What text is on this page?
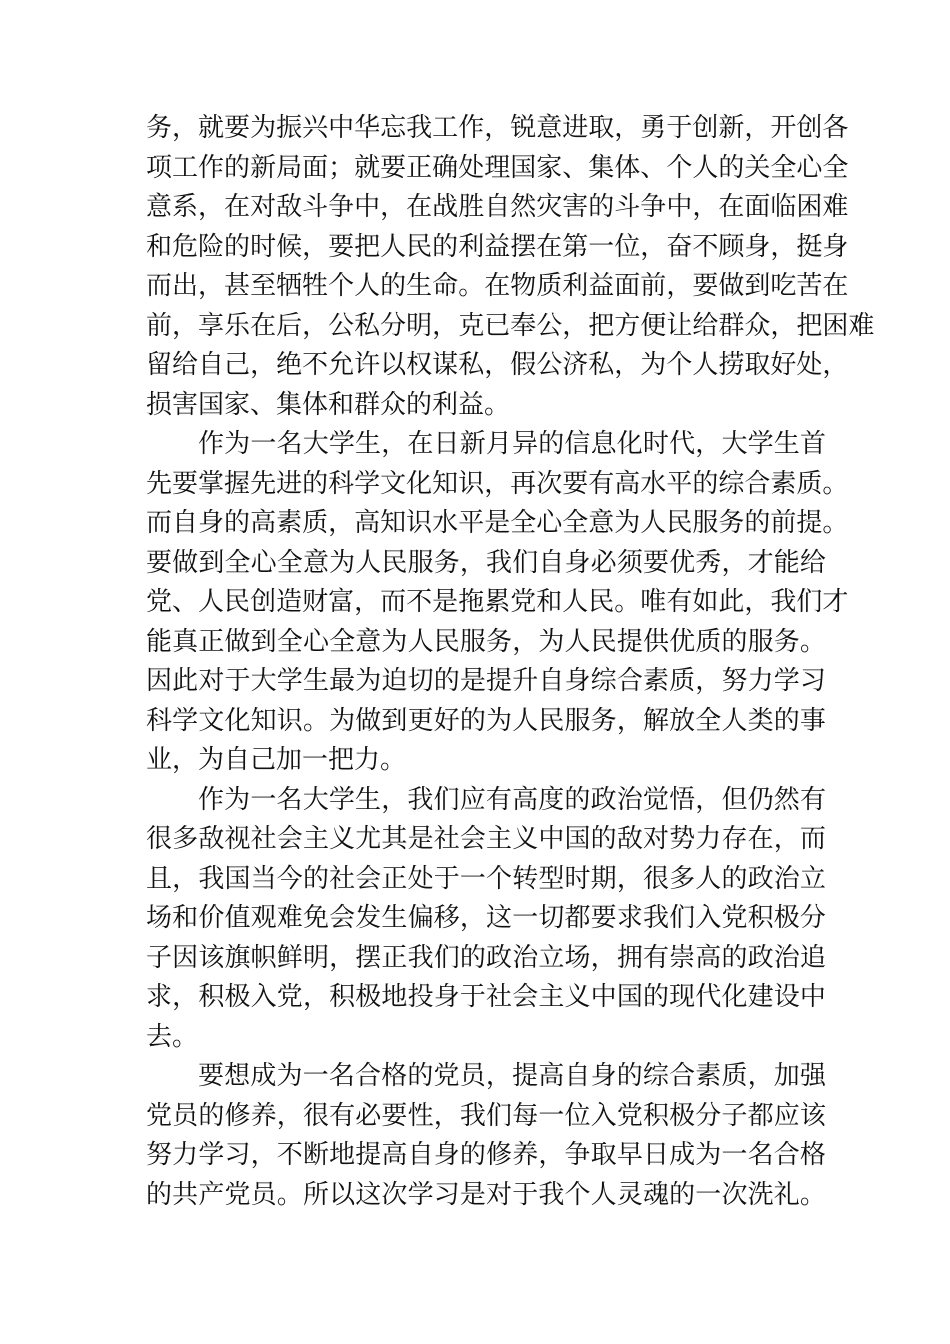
务 ， 就 要 为 振 兴 中 华 忘 我 工 作 ， 锐 意 进 取 ， 勇 于 创 新 ， 开 创 各
项 工 作 的 新 局 面 ； 就 要 正 确 处 理 国 家 、 集 体 、 个 人 的 关 全 心 全
意 系 ， 在 对 敌 斗 争 中 ， 在 战 胜 自 然 灾 害 的 斗 争 中 ， 在 面 临 困 难
和 危 险 的 时 候 ， 要 把 人 民 的 利 益 摆 在 第 一 位 ， 奋 不 顾 身 ， 挺 身
而 出 ， 甚 至 牺 牲 个 人 的 生 命 。 在 物 质 利 益 面 前 ， 要 做 到 吃 苦 在
前 ， 享 乐 在 后 ， 公 私 分 明 ， 克 已 奉 公 ， 把 方 便 让 给 群 众 ， 把 困 难
留 给 自 己 ， 绝 不 允 许 以 权 谋 私 ， 假 公 济 私 ， 为 个 人 捞 取 好 处 ，
损害国家、集体和群众的利益。
作 为 一 名 大 学 生 ， 在 日 新 月 异 的 信 息 化 时 代 ， 大 学 生 首
先 要 掌 握 先 进 的 科 学 文 化 知 识 ， 再 次 要 有 高 水 平 的 综 合 素 质 。
而 自 身 的 高 素 质 ， 高 知 识 水 平 是 全 心 全 意 为 人 民 服 务 的 前 提 。
要 做 到 全 心 全 意 为 人 民 服 务 ， 我 们 自 身 必 须 要 优 秀 ， 才 能 给
党 、 人 民 创 造 财 富 ， 而 不 是 拖 累 党 和 人 民 。 唯 有 如 此 ， 我 们 才
能 真 正 做 到 全 心 全 意 为 人 民 服 务 ， 为 人 民 提 供 优 质 的 服 务 。
因 此 对 于 大 学 生 最 为 迫 切 的 是 提 升 自 身 综 合 素 质 ， 努 力 学 习
科 学 文 化 知 识 。 为 做 到 更 好 的 为 人 民 服 务 ， 解 放 全 人 类 的 事
业，为自己加一把力。
作 为 一 名 大 学 生 ， 我 们 应 有 高 度 的 政 治 觉 悟 ， 但 仍 然 有
很 多 敌 视 社 会 主 义 尤 其 是 社 会 主 义 中 国 的 敌 对 势 力 存 在 ， 而
且 ， 我 国 当 今 的 社 会 正 处 于 一 个 转 型 时 期 ， 很 多 人 的 政 治 立
场 和 价 值 观 难 免 会 发 生 偏 移 ， 这 一 切 都 要 求 我 们 入 党 积 极 分
子 因 该 旗 帜 鲜 明 ， 摆 正 我 们 的 政 治 立 场 ， 拥 有 崇 高 的 政 治 追
求 ， 积 极 入 党 ， 积 极 地 投 身 于 社 会 主 义 中 国 的 现 代 化 建 设 中
去。
要 想 成 为 一 名 合 格 的 党 员 ， 提 高 自 身 的 综 合 素 质 ， 加 强
党 员 的 修 养 ， 很 有 必 要 性 ， 我 们 每 一 位 入 党 积 极 分 子 都 应 该
努 力 学 习 ， 不 断 地 提 高 自 身 的 修 养 ， 争 取 早 日 成 为 一 名 合 格
的 共 产 党 员 。 所 以 这 次 学 习 是 对 于 我 个 人 灵 魂 的 一 次 洗 礼 。
